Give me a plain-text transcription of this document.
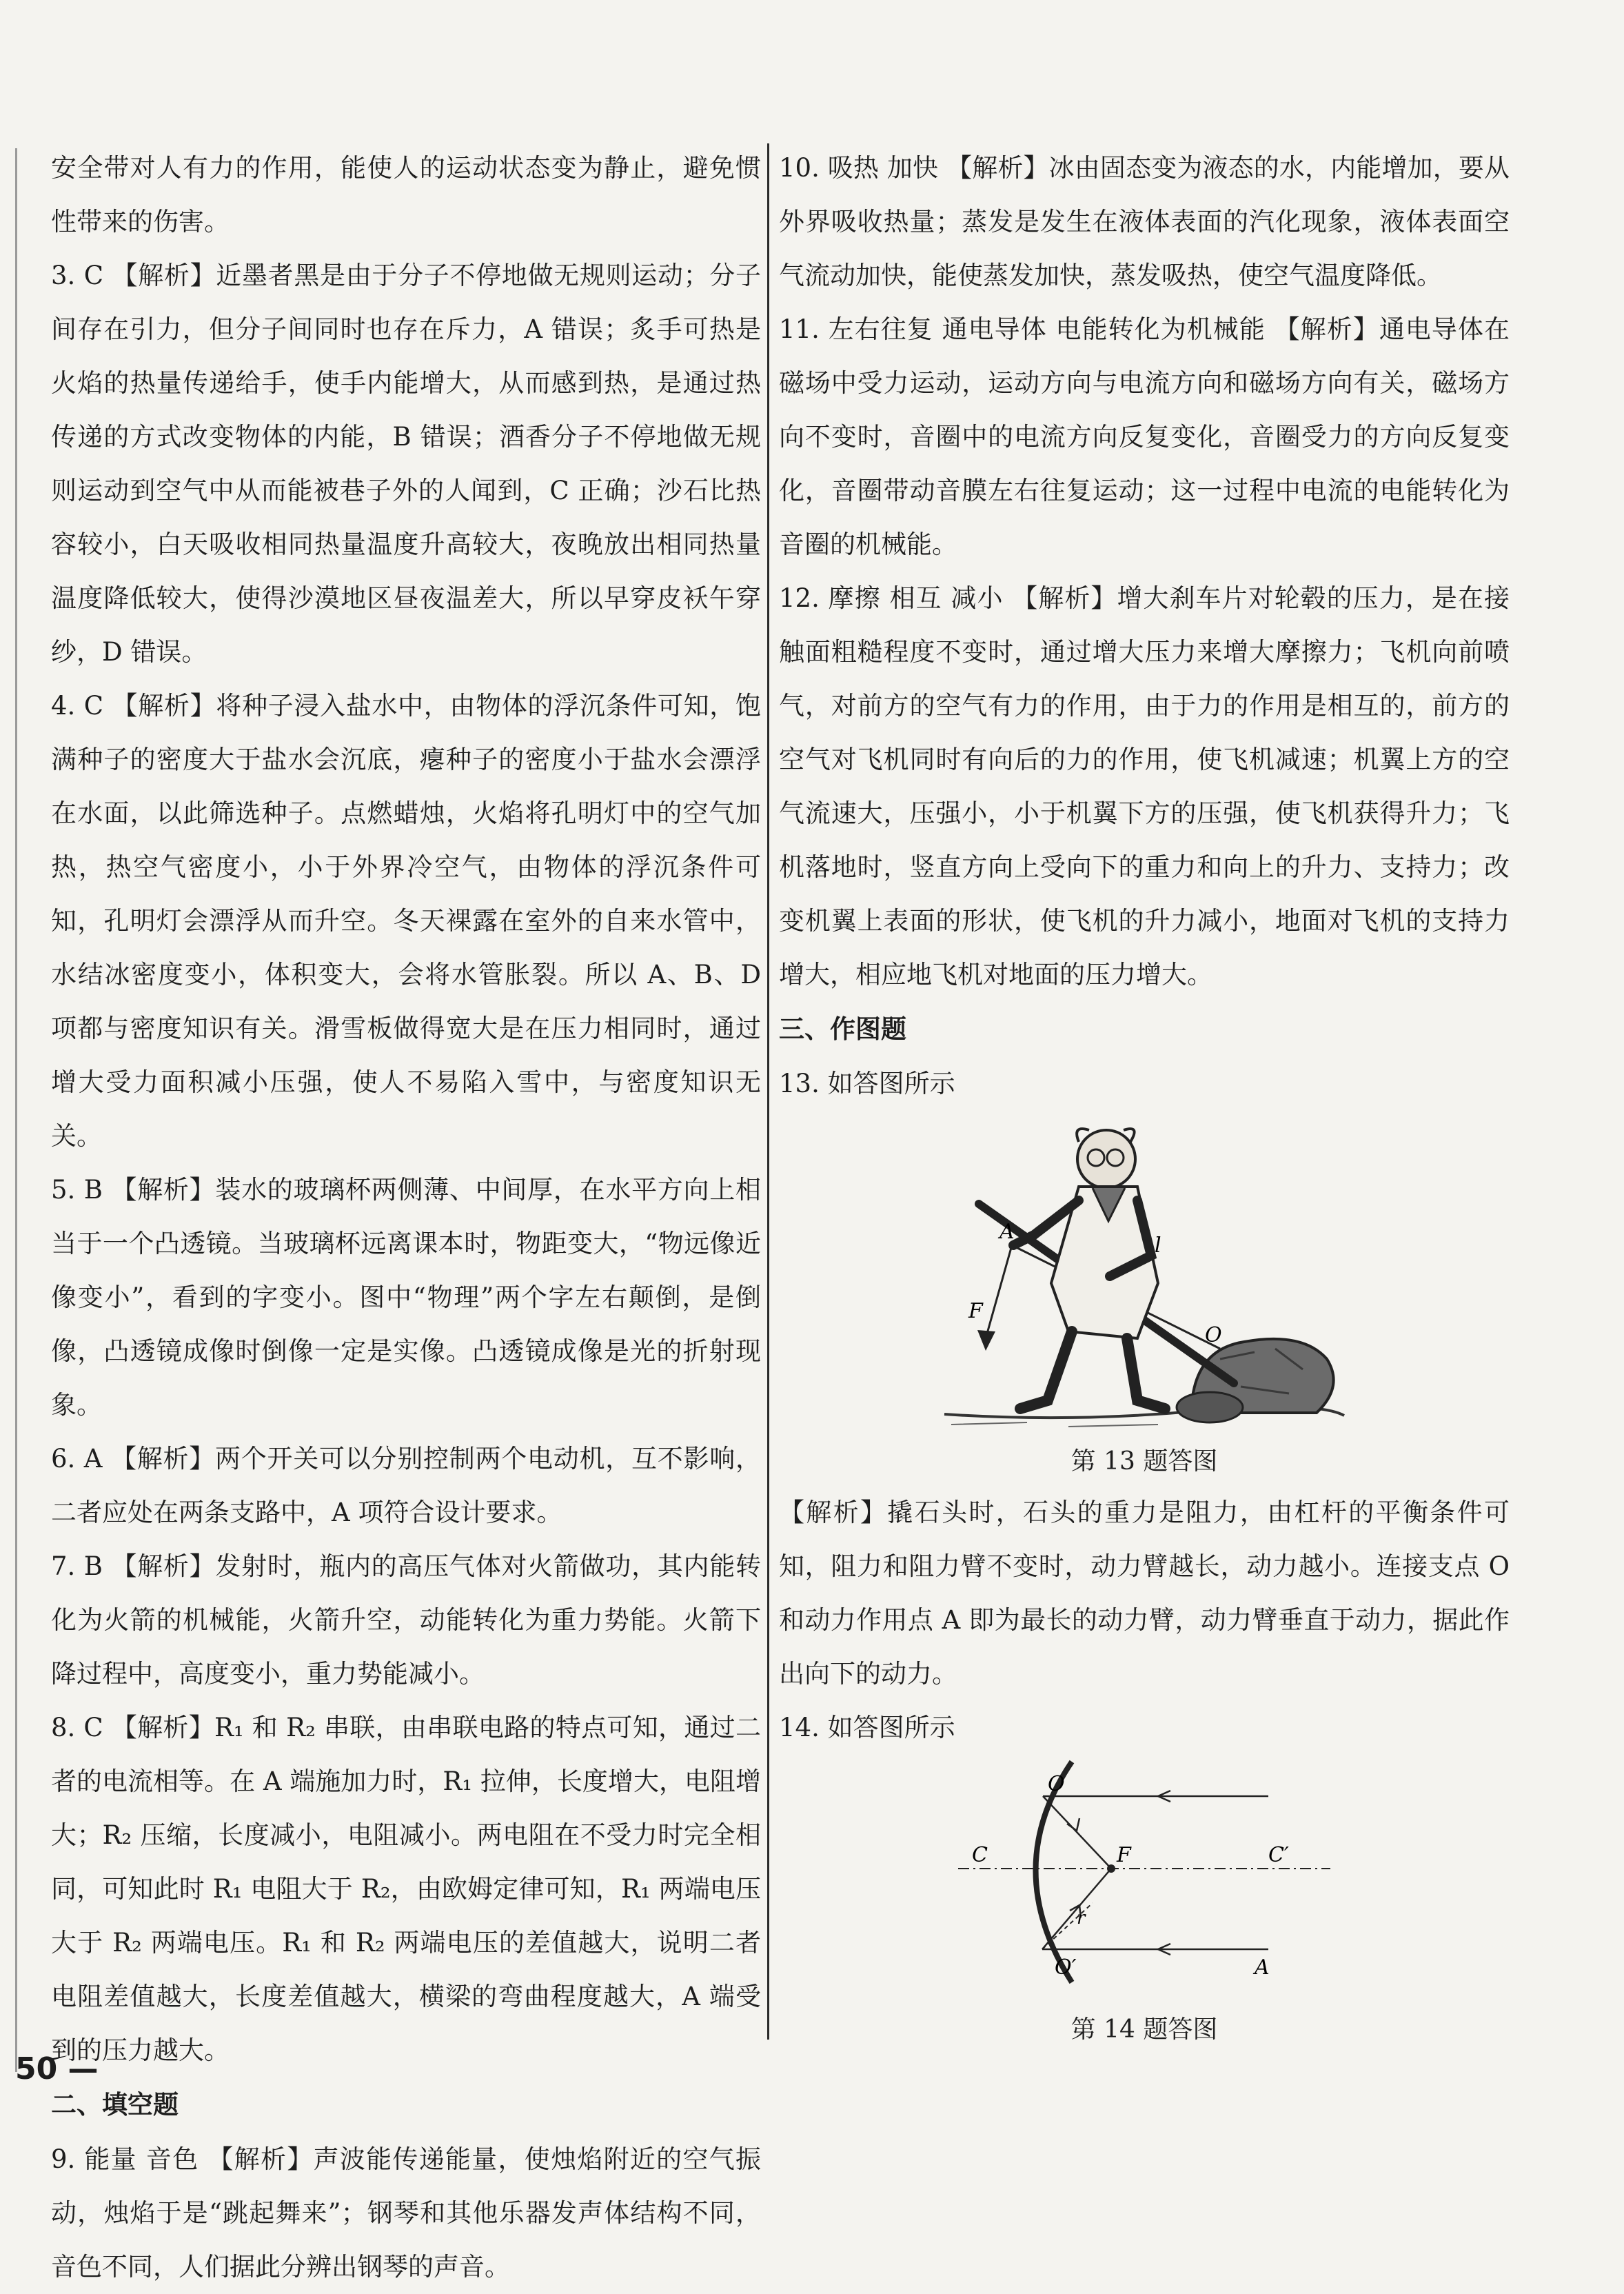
安全带对人有力的作用，能使人的运动状态变为静止，避免惯性带来的伤害。
3. C 【解析】近墨者黑是由于分子不停地做无规则运动；分子间存在引力，但分子间同时也存在斥力，A 错误；炙手可热是火焰的热量传递给手，使手内能增大，从而感到热，是通过热传递的方式改变物体的内能，B 错误；酒香分子不停地做无规则运动到空气中从而能被巷子外的人闻到，C 正确；沙石比热容较小，白天吸收相同热量温度升高较大，夜晚放出相同热量温度降低较大，使得沙漠地区昼夜温差大，所以早穿皮袄午穿纱，D 错误。
4. C 【解析】将种子浸入盐水中，由物体的浮沉条件可知，饱满种子的密度大于盐水会沉底，瘪种子的密度小于盐水会漂浮在水面，以此筛选种子。点燃蜡烛，火焰将孔明灯中的空气加热，热空气密度小，小于外界冷空气，由物体的浮沉条件可知，孔明灯会漂浮从而升空。冬天裸露在室外的自来水管中，水结冰密度变小，体积变大，会将水管胀裂。所以 A、B、D 项都与密度知识有关。滑雪板做得宽大是在压力相同时，通过增大受力面积减小压强，使人不易陷入雪中，与密度知识无关。
5. B 【解析】装水的玻璃杯两侧薄、中间厚，在水平方向上相当于一个凸透镜。当玻璃杯远离课本时，物距变大，“物远像近像变小”，看到的字变小。图中“物理”两个字左右颠倒，是倒像，凸透镜成像时倒像一定是实像。凸透镜成像是光的折射现象。
6. A 【解析】两个开关可以分别控制两个电动机，互不影响，二者应处在两条支路中，A 项符合设计要求。
7. B 【解析】发射时，瓶内的高压气体对火箭做功，其内能转化为火箭的机械能，火箭升空，动能转化为重力势能。火箭下降过程中，高度变小，重力势能减小。
8. C 【解析】R₁ 和 R₂ 串联，由串联电路的特点可知，通过二者的电流相等。在 A 端施加力时，R₁ 拉伸，长度增大，电阻增大；R₂ 压缩，长度减小，电阻减小。两电阻在不受力时完全相同，可知此时 R₁ 电阻大于 R₂，由欧姆定律可知，R₁ 两端电压大于 R₂ 两端电压。R₁ 和 R₂ 两端电压的差值越大，说明二者电阻差值越大，长度差值越大，横梁的弯曲程度越大，A 端受到的压力越大。
二、填空题
9. 能量 音色 【解析】声波能传递能量，使烛焰附近的空气振动，烛焰于是“跳起舞来”；钢琴和其他乐器发声体结构不同，音色不同，人们据此分辨出钢琴的声音。
10. 吸热 加快 【解析】冰由固态变为液态的水，内能增加，要从外界吸收热量；蒸发是发生在液体表面的汽化现象，液体表面空气流动加快，能使蒸发加快，蒸发吸热，使空气温度降低。
11. 左右往复 通电导体 电能转化为机械能 【解析】通电导体在磁场中受力运动，运动方向与电流方向和磁场方向有关，磁场方向不变时，音圈中的电流方向反复变化，音圈受力的方向反复变化，音圈带动音膜左右往复运动；这一过程中电流的电能转化为音圈的机械能。
12. 摩擦 相互 减小 【解析】增大刹车片对轮毂的压力，是在接触面粗糙程度不变时，通过增大压力来增大摩擦力；飞机向前喷气，对前方的空气有力的作用，由于力的作用是相互的，前方的空气对飞机同时有向后的力的作用，使飞机减速；机翼上方的空气流速大，压强小，小于机翼下方的压强，使飞机获得升力；飞机落地时，竖直方向上受向下的重力和向上的升力、支持力；改变机翼上表面的形状，使飞机的升力减小，地面对飞机的支持力增大，相应地飞机对地面的压力增大。
三、作图题
13. 如答图所示
A
F
l
O
第 13 题答图
【解析】撬石头时，石头的重力是阻力，由杠杆的平衡条件可知，阻力和阻力臂不变时，动力臂越长，动力越小。连接支点 O 和动力作用点 A 即为最长的动力臂，动力臂垂直于动力，据此作出向下的动力。
14. 如答图所示
O
C	F	C′
r
O′	A
第 14 题答图
50 —
